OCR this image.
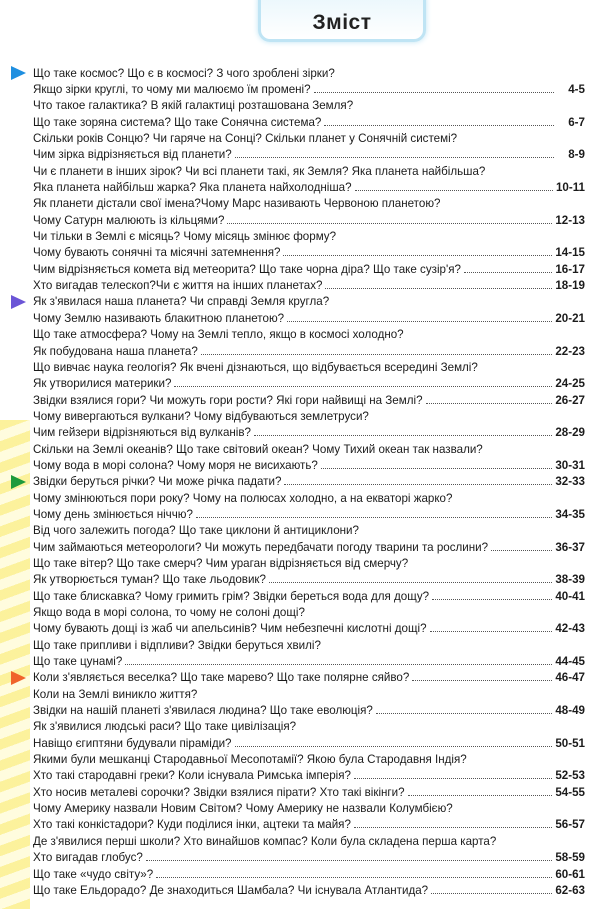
Зміст
Що таке космос? Що є в космосі? З чого зроблені зірки?
Якщо зірки круглі, то чому ми малюємо їм промені?	4-5
Что такое галактика? В якій галактиці розташована Земля?
Що таке зоряна система? Що таке Сонячна система?	6-7
Скільки років Сонцю? Чи гаряче на Сонці? Скільки планет у Сонячній системі?
Чим зірка відрізняється від планети?	8-9
Чи є планети в інших зірок? Чи всі планети такі, як Земля? Яка планета найбільша?
Яка планета найбільш жарка? Яка планета найхолодніша?	10-11
Як планети дістали свої імена?Чому Марс називають Червоною планетою?
Чому Сатурн малюють із кільцями?	12-13
Чи тільки в Землі є місяць? Чому місяць змінює форму?
Чому бувають сонячні та місячні затемнення?	14-15
Чим відрізняється комета від метеорита? Що таке чорна діра? Що таке сузір'я?	16-17
Хто вигадав телескоп?Чи є життя на інших планетах?	18-19
Як з'явилася наша планета? Чи справді Земля кругла?
Чому Землю називають блакитною планетою?	20-21
Що таке атмосфера? Чому на Землі тепло, якщо в космосі холодно?
Як побудована наша планета?	22-23
Що вивчає наука геологія? Як вчені дізнаються, що відбувається всередині Землі?
Як утворилися материки?	24-25
Звідки взялися гори? Чи можуть гори рости? Які гори найвищі на Землі?	26-27
Чому вивергаються вулкани? Чому відбуваються землетруси?
Чим гейзери відрізняються від вулканів?	28-29
Скільки на Землі океанів? Що таке світовий океан? Чому Тихий океан так назвали?
Чому вода в морі солона? Чому моря не висихають?	30-31
Звідки беруться річки? Чи може річка падати?	32-33
Чому змінюються пори року? Чому на полюсах холодно, а на екваторі жарко?
Чому день змінюється ніччю?	34-35
Від чого залежить погода? Що таке циклони й антициклони?
Чим займаються метеорологи? Чи можуть передбачати погоду тварини та рослини?	36-37
Що таке вітер? Що таке смерч? Чим ураган відрізняється від смерчу?
Як утворюється туман? Що таке льодовик?	38-39
Що таке блискавка? Чому гримить грім? Звідки береться вода для дощу?	40-41
Якщо вода в морі солона, то чому не солоні дощі?
Чому бувають дощі із жаб чи апельсинів? Чим небезпечні кислотні дощі?	42-43
Що таке припливи і відпливи? Звідки беруться хвилі?
Що таке цунамі?	44-45
Коли з'являється веселка? Що таке марево? Що таке полярне сяйво?	46-47
Коли на Землі виникло життя?
Звідки на нашій планеті з'явилася людина? Що таке еволюція?	48-49
Як з'явилися людські раси? Що таке цивілізація?
Навіщо єгиптяни будували піраміди?	50-51
Якими були мешканці Стародавньої Месопотамії? Якою була Стародавня Індія?
Хто такі стародавні греки? Коли існувала Римська імперія?	52-53
Хто носив металеві сорочки? Звідки взялися пірати? Хто такі вікінги?	54-55
Чому Америку назвали Новим Світом? Чому Америку не назвали Колумбією?
Хто такі конкістадори? Куди поділися інки, ацтеки та майя?	56-57
Де з'явилися перші школи? Хто винайшов компас? Коли була складена перша карта?
Хто вигадав глобус?	58-59
Що таке «чудо світу»?	60-61
Що таке Ельдорадо? Де знаходиться Шамбала? Чи існувала Атлантида?	62-63
